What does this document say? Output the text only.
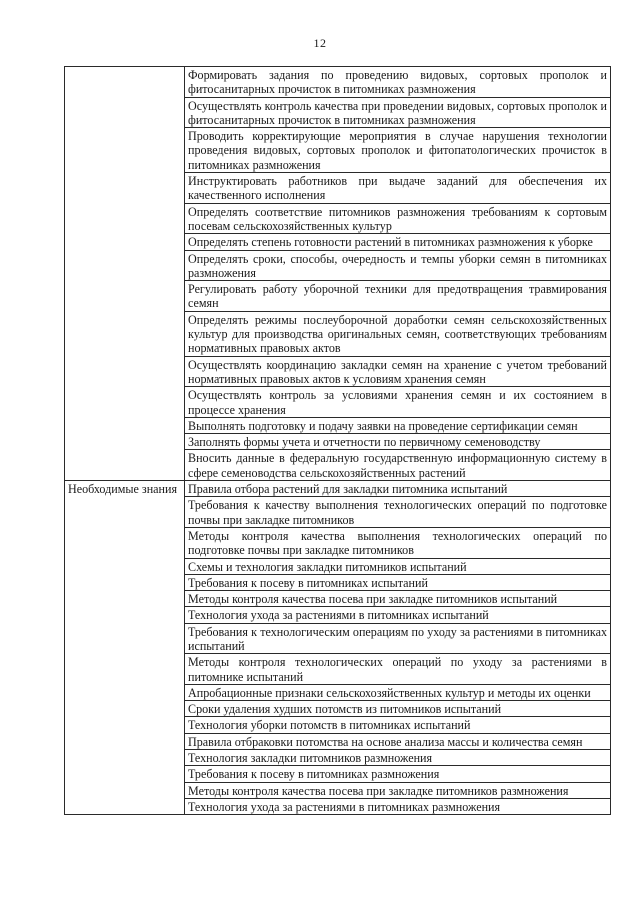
12
	Формировать задания по проведению видовых, сортовых прополок и фитосанитарных прочисток в питомниках размножения
	Осуществлять контроль качества при проведении видовых, сортовых прополок и фитосанитарных прочисток в питомниках размножения
	Проводить корректирующие мероприятия в случае нарушения технологии проведения видовых, сортовых прополок и фитопатологических прочисток в питомниках размножения
	Инструктировать работников при выдаче заданий для обеспечения их качественного исполнения
	Определять соответствие питомников размножения требованиям к сортовым посевам сельскохозяйственных культур
	Определять степень готовности растений в питомниках размножения к уборке
	Определять сроки, способы, очередность и темпы уборки семян в питомниках размножения
	Регулировать работу уборочной техники для предотвращения травмирования семян
	Определять режимы послеуборочной доработки семян сельскохозяйственных культур для производства оригинальных семян, соответствующих требованиям нормативных правовых актов
	Осуществлять координацию закладки семян на хранение с учетом требований нормативных правовых актов к условиям хранения семян
	Осуществлять контроль за условиями хранения семян и их состоянием в процессе хранения
	Выполнять подготовку и подачу заявки на проведение сертификации семян
	Заполнять формы учета и отчетности по первичному семеноводству
	Вносить данные в федеральную государственную информационную систему в сфере семеноводства сельскохозяйственных растений
Необходимые знания	Правила отбора растений для закладки питомника испытаний
	Требования к качеству выполнения технологических операций по подготовке почвы при закладке питомников
	Методы контроля качества выполнения технологических операций по подготовке почвы при закладке питомников
	Схемы и технология закладки питомников испытаний
	Требования к посеву в питомниках испытаний
	Методы контроля качества посева при закладке питомников испытаний
	Технология ухода за растениями в питомниках испытаний
	Требования к технологическим операциям по уходу за растениями в питомниках испытаний
	Методы контроля технологических операций по уходу за растениями в питомнике испытаний
	Апробационные признаки сельскохозяйственных культур и методы их оценки
	Сроки удаления худших потомств из питомников испытаний
	Технология уборки потомств в питомниках испытаний
	Правила отбраковки потомства на основе анализа массы и количества семян
	Технология закладки питомников размножения
	Требования к посеву в питомниках размножения
	Методы контроля качества посева при закладке питомников размножения
	Технология ухода за растениями в питомниках размножения
